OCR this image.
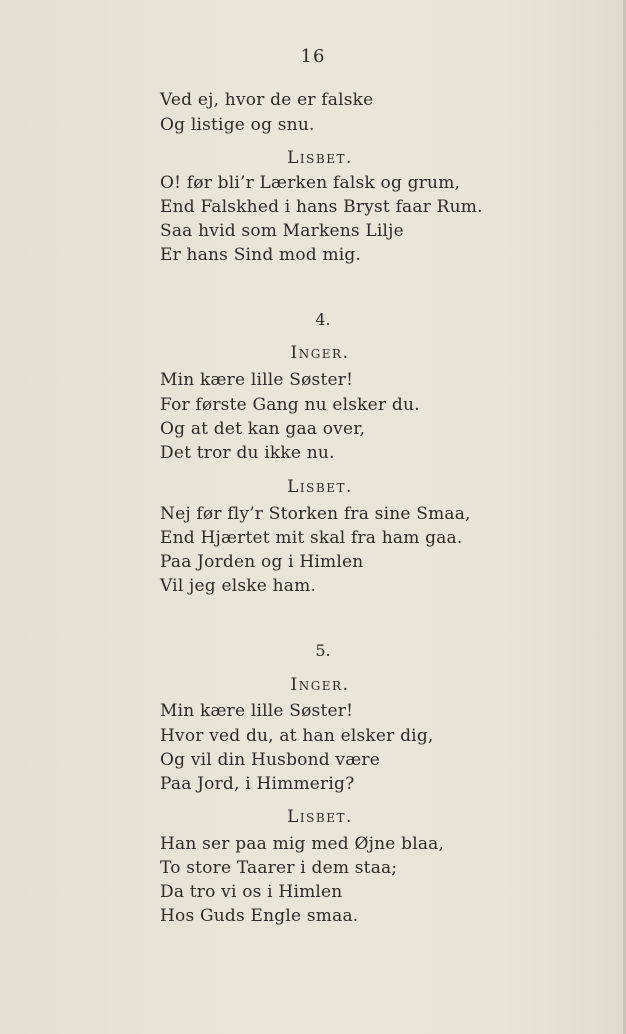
16
Ved ej, hvor de er falske
Og listige og snu.
Lisbet.
O! før bli’r Lærken falsk og grum,
End Falskhed i hans Bryst faar Rum.
Saa hvid som Markens Lilje
Er hans Sind mod mig.
4.
Inger.
Min kære lille Søster!
For første Gang nu elsker du.
Og at det kan gaa over,
Det tror du ikke nu.
Lisbet.
Nej før fly’r Storken fra sine Smaa,
End Hjærtet mit skal fra ham gaa.
Paa Jorden og i Himlen
Vil jeg elske ham.
5.
Inger.
Min kære lille Søster!
Hvor ved du, at han elsker dig,
Og vil din Husbond være
Paa Jord, i Himmerig?
Lisbet.
Han ser paa mig med Øjne blaa,
To store Taarer i dem staa;
Da tro vi os i Himlen
Hos Guds Engle smaa.
